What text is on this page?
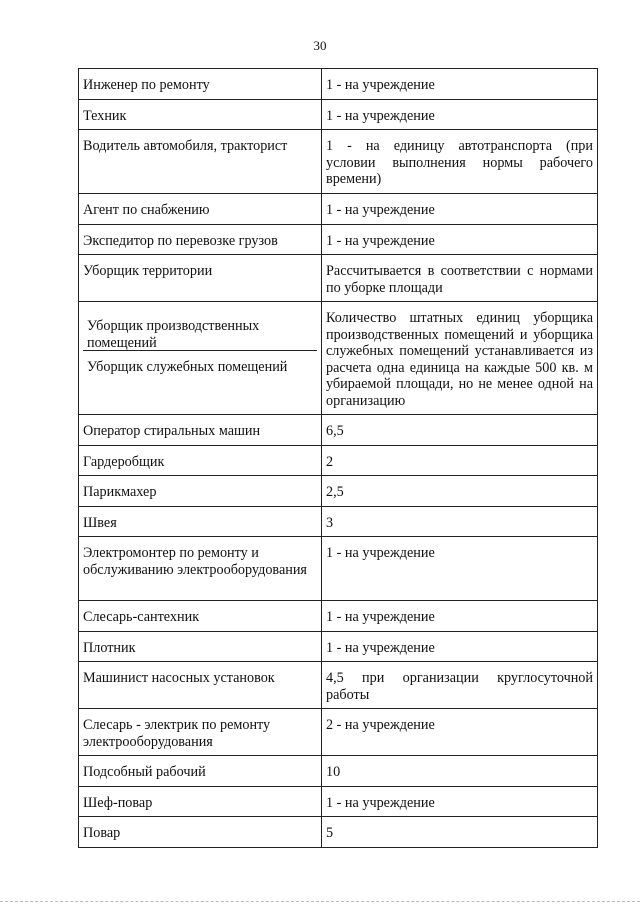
30
Инженер по ремонту	1 - на учреждение
Техник	1 - на учреждение
Водитель автомобиля, тракторист	1 - на единицу автотранспорта (при условии выполнения нормы рабочего времени)
Агент по снабжению	1 - на учреждение
Экспедитор по перевозке грузов	1 - на учреждение
Уборщик территории	Рассчитывается в соответствии с нормами по уборке площади

Уборщик производственных помещений
Уборщик служебных помещений	Количество штатных единиц уборщика производственных помещений и уборщика служебных помещений устанавливается из расчета одна единица на каждые 500 кв. м убираемой площади, но не менее одной на организацию
Оператор стиральных машин	6,5
Гардеробщик	2
Парикмахер	2,5
Швея	3
Электромонтер по ремонту и обслуживанию электрооборудования	1 - на учреждение
Слесарь-сантехник	1 - на учреждение
Плотник	1 - на учреждение
Машинист насосных установок	4,5 при организации круглосуточной работы
Слесарь - электрик по ремонту электрооборудования	2 - на учреждение
Подсобный рабочий	10
Шеф-повар	1 - на учреждение
Повар	5
